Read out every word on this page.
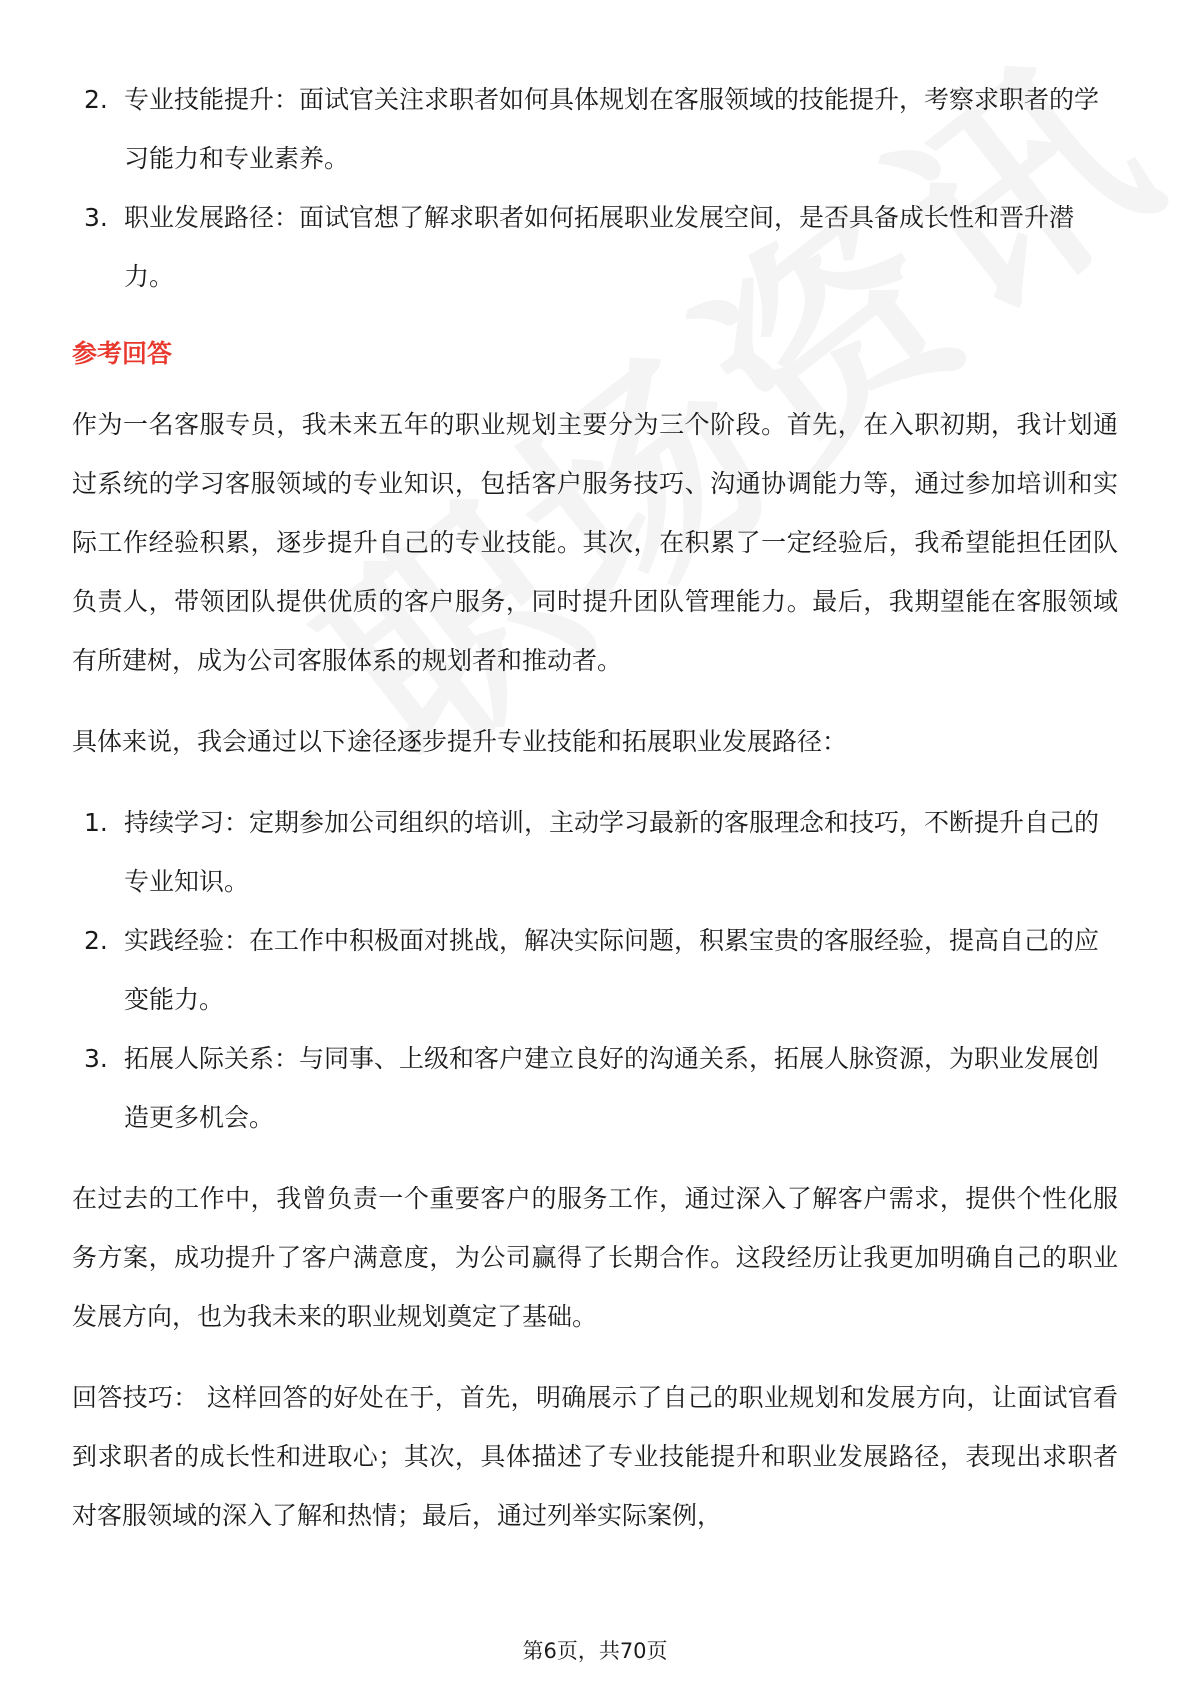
2. 专业技能提升：面试官关注求职者如何具体规划在客服领域的技能提升，考察求职者的学习能力和专业素养。
3. 职业发展路径：面试官想了解求职者如何拓展职业发展空间，是否具备成长性和晋升潜力。
参考回答

作为一名客服专员，我未来五年的职业规划主要分为三个阶段。首先，在入职初期，我计划通过系统的学习客服领域的专业知识，包括客户服务技巧、沟通协调能力等，通过参加培训和实际工作经验积累，逐步提升自己的专业技能。其次，在积累了一定经验后，我希望能担任团队负责人，带领团队提供优质的客户服务，同时提升团队管理能力。最后，我期望能在客服领域有所建树，成为公司客服体系的规划者和推动者。

具体来说，我会通过以下途径逐步提升专业技能和拓展职业发展路径：

1. 持续学习：定期参加公司组织的培训，主动学习最新的客服理念和技巧，不断提升自己的专业知识。
2. 实践经验：在工作中积极面对挑战，解决实际问题，积累宝贵的客服经验，提高自己的应变能力。
3. 拓展人际关系：与同事、上级和客户建立良好的沟通关系，拓展人脉资源，为职业发展创造更多机会。

在过去的工作中，我曾负责一个重要客户的服务工作，通过深入了解客户需求，提供个性化服务方案，成功提升了客户满意度，为公司赢得了长期合作。这段经历让我更加明确自己的职业发展方向，也为我未来的职业规划奠定了基础。

回答技巧： 这样回答的好处在于，首先，明确展示了自己的职业规划和发展方向，让面试官看到求职者的成长性和进取心；其次，具体描述了专业技能提升和职业发展路径，表现出求职者对客服领域的深入了解和热情；最后，通过列举实际案例，

第6页，共70页
